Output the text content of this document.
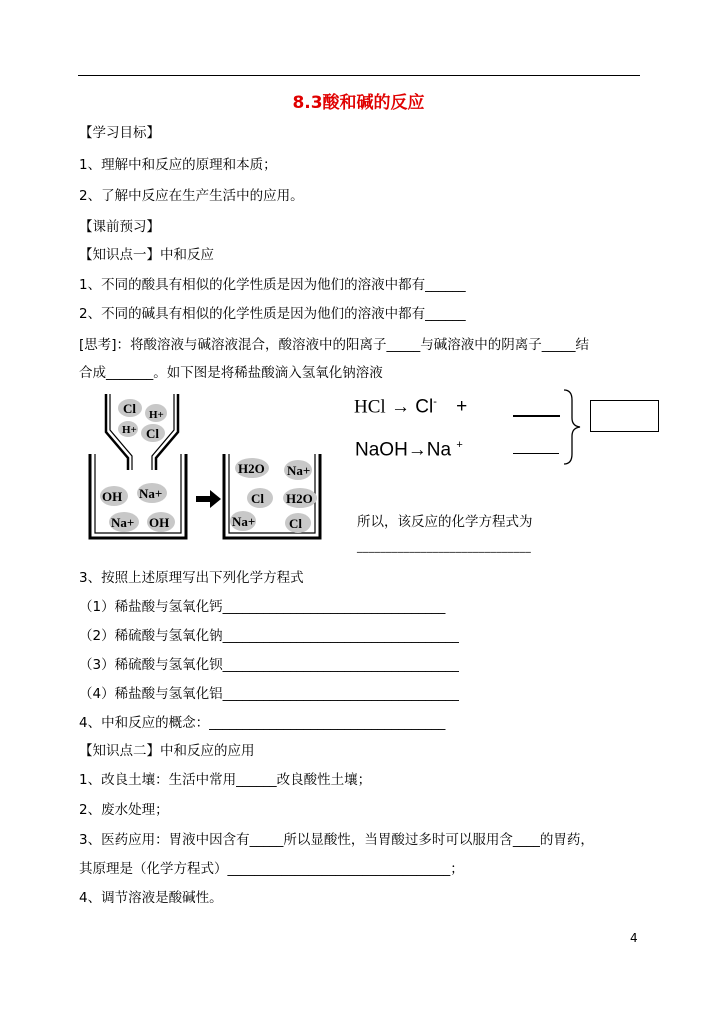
8.3酸和碱的反应
【学习目标】
1、理解中和反应的原理和本质；
2、了解中反应在生产生活中的应用。
【课前预习】
【知识点一】中和反应
1、不同的酸具有相似的化学性质是因为他们的溶液中都有______
2、不同的碱具有相似的化学性质是因为他们的溶液中都有______
[思考]：将酸溶液与碱溶液混合，酸溶液中的阳离子_____与碱溶液中的阴离子_____结
合成_______。如下图是将稀盐酸滴入氢氧化钠溶液
Cl H+
H+ Cl
OH Na+
Na+ OH
H2O Na+
Cl H2O
Na+	Cl
HCl → Cl- +
NaOH→Na +
所以，该反应的化学方程式为
______________________________
3、按照上述原理写出下列化学方程式
（1）稀盐酸与氢氧化钙_________________________________
（2）稀硫酸与氢氧化钠___________________________________
（3）稀硫酸与氢氧化钡___________________________________
（4）稀盐酸与氢氧化铝___________________________________
4、中和反应的概念：___________________________________
【知识点二】中和反应的应用
1、改良土壤：生活中常用______改良酸性土壤；
2、废水处理；
3、医药应用：胃液中因含有_____所以显酸性，当胃酸过多时可以服用含____的胃药，
其原理是（化学方程式）_________________________________；
4、调节溶液是酸碱性。
4
